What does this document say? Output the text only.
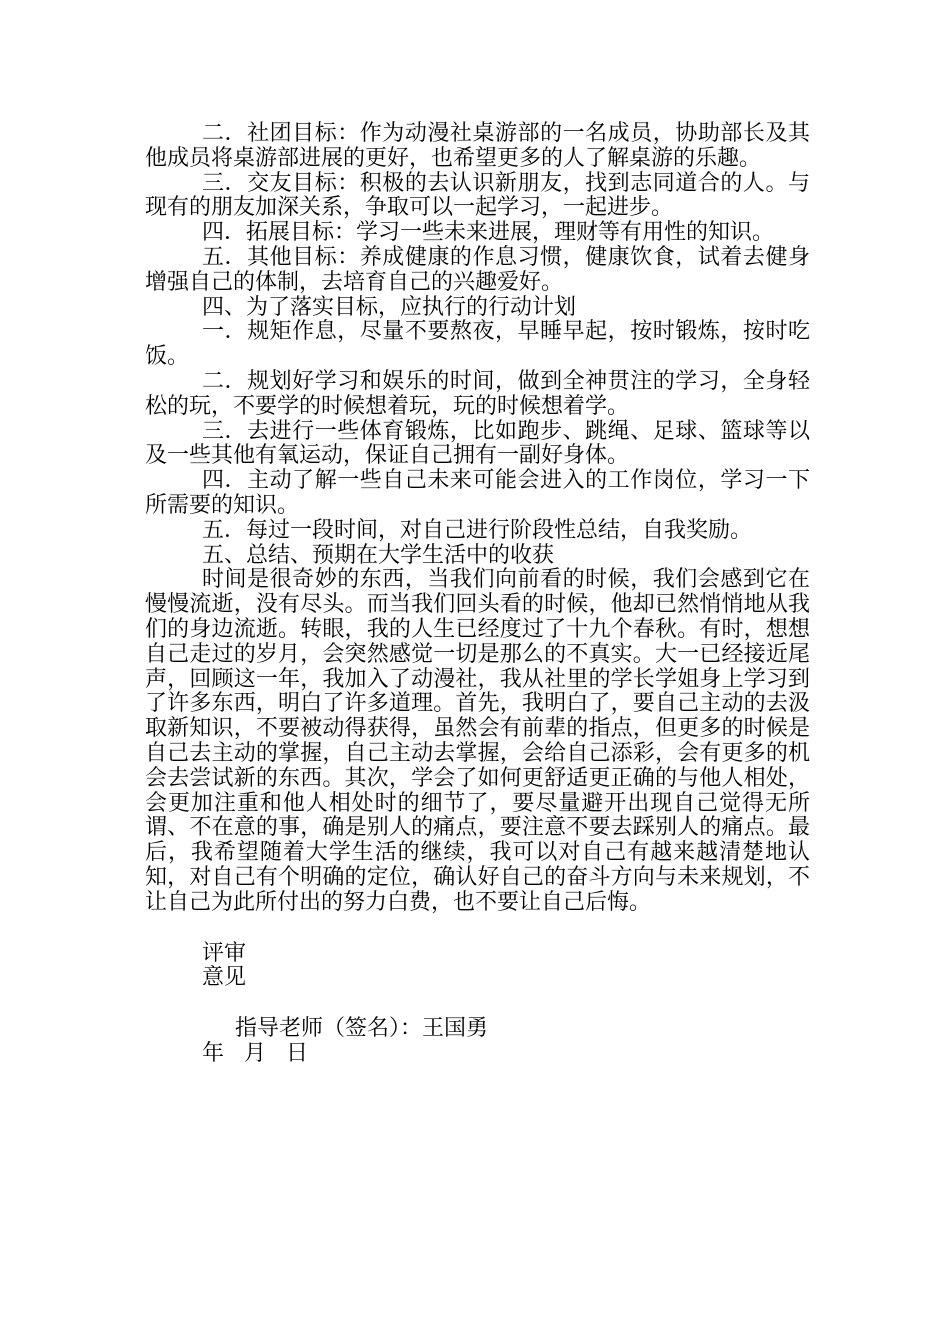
二．社团目标：作为动漫社桌游部的一名成员，协助部长及其他成员将桌游部进展的更好，也希望更多的人了解桌游的乐趣。

三．交友目标：积极的去认识新朋友，找到志同道合的人。与现有的朋友加深关系，争取可以一起学习，一起进步。

四．拓展目标：学习一些未来进展，理财等有用性的知识。

五．其他目标：养成健康的作息习惯，健康饮食，试着去健身增强自己的体制，去培育自己的兴趣爱好。

四、为了落实目标，应执行的行动计划

一．规矩作息，尽量不要熬夜，早睡早起，按时锻炼，按时吃饭。

二．规划好学习和娱乐的时间，做到全神贯注的学习，全身轻松的玩，不要学的时候想着玩，玩的时候想着学。

三．去进行一些体育锻炼，比如跑步、跳绳、足球、篮球等以及一些其他有氧运动，保证自己拥有一副好身体。

四．主动了解一些自己未来可能会进入的工作岗位，学习一下所需要的知识。

五．每过一段时间，对自己进行阶段性总结，自我奖励。

五、总结、预期在大学生活中的收获

时间是很奇妙的东西，当我们向前看的时候，我们会感到它在慢慢流逝，没有尽头。而当我们回头看的时候，他却已然悄悄地从我们的身边流逝。转眼，我的人生已经度过了十九个春秋。有时，想想自己走过的岁月，会突然感觉一切是那么的不真实。大一已经接近尾声，回顾这一年，我加入了动漫社，我从社里的学长学姐身上学习到了许多东西，明白了许多道理。首先，我明白了，要自己主动的去汲取新知识，不要被动得获得，虽然会有前辈的指点，但更多的时候是自己去主动的掌握，自己主动去掌握，会给自己添彩，会有更多的机会去尝试新的东西。其次，学会了如何更舒适更正确的与他人相处，会更加注重和他人相处时的细节了，要尽量避开出现自己觉得无所谓、不在意的事，确是别人的痛点，要注意不要去踩别人的痛点。最后，我希望随着大学生活的继续，我可以对自己有越来越清楚地认知，对自己有个明确的定位，确认好自己的奋斗方向与未来规划，不让自己为此所付出的努力白费，也不要让自己后悔。

评审
意见

指导老师（签名）：王国勇

年 月 日
